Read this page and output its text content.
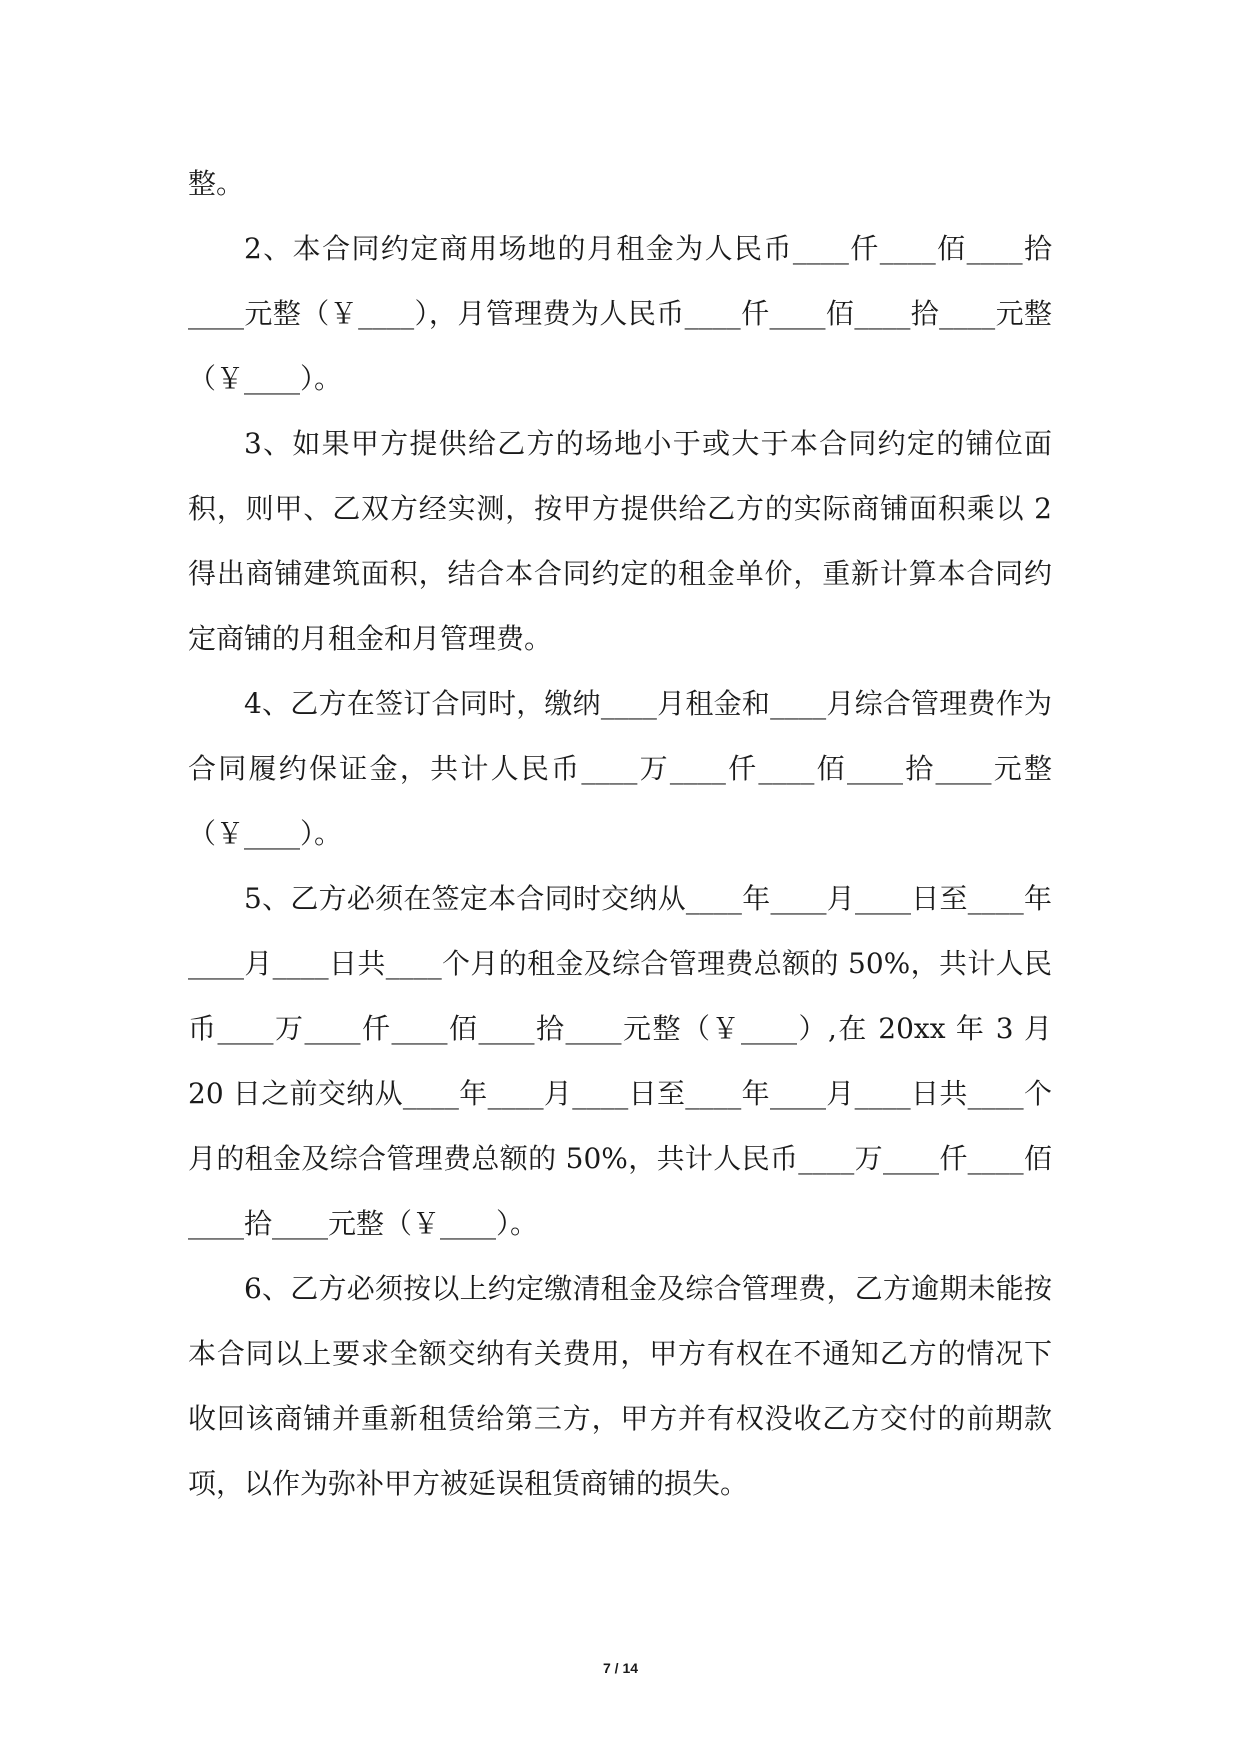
整。

2、本合同约定商用场地的月租金为人民币____仟____佰____拾____元整（￥____），月管理费为人民币____仟____佰____拾____元整（￥____）。

3、如果甲方提供给乙方的场地小于或大于本合同约定的铺位面积，则甲、乙双方经实测，按甲方提供给乙方的实际商铺面积乘以 2 得出商铺建筑面积，结合本合同约定的租金单价，重新计算本合同约定商铺的月租金和月管理费。

4、乙方在签订合同时，缴纳____月租金和____月综合管理费作为合同履约保证金，共计人民币____万____仟____佰____拾____元整（￥____）。

5、乙方必须在签定本合同时交纳从____年____月____日至____年____月____日共____个月的租金及综合管理费总额的 50%，共计人民币____万____仟____佰____拾____元整（￥____）,在 20xx 年 3 月 20 日之前交纳从____年____月____日至____年____月____日共____个月的租金及综合管理费总额的 50%，共计人民币____万____仟____佰____拾____元整（￥____）。

6、乙方必须按以上约定缴清租金及综合管理费，乙方逾期未能按本合同以上要求全额交纳有关费用，甲方有权在不通知乙方的情况下收回该商铺并重新租赁给第三方，甲方并有权没收乙方交付的前期款项，以作为弥补甲方被延误租赁商铺的损失。

7 / 14
